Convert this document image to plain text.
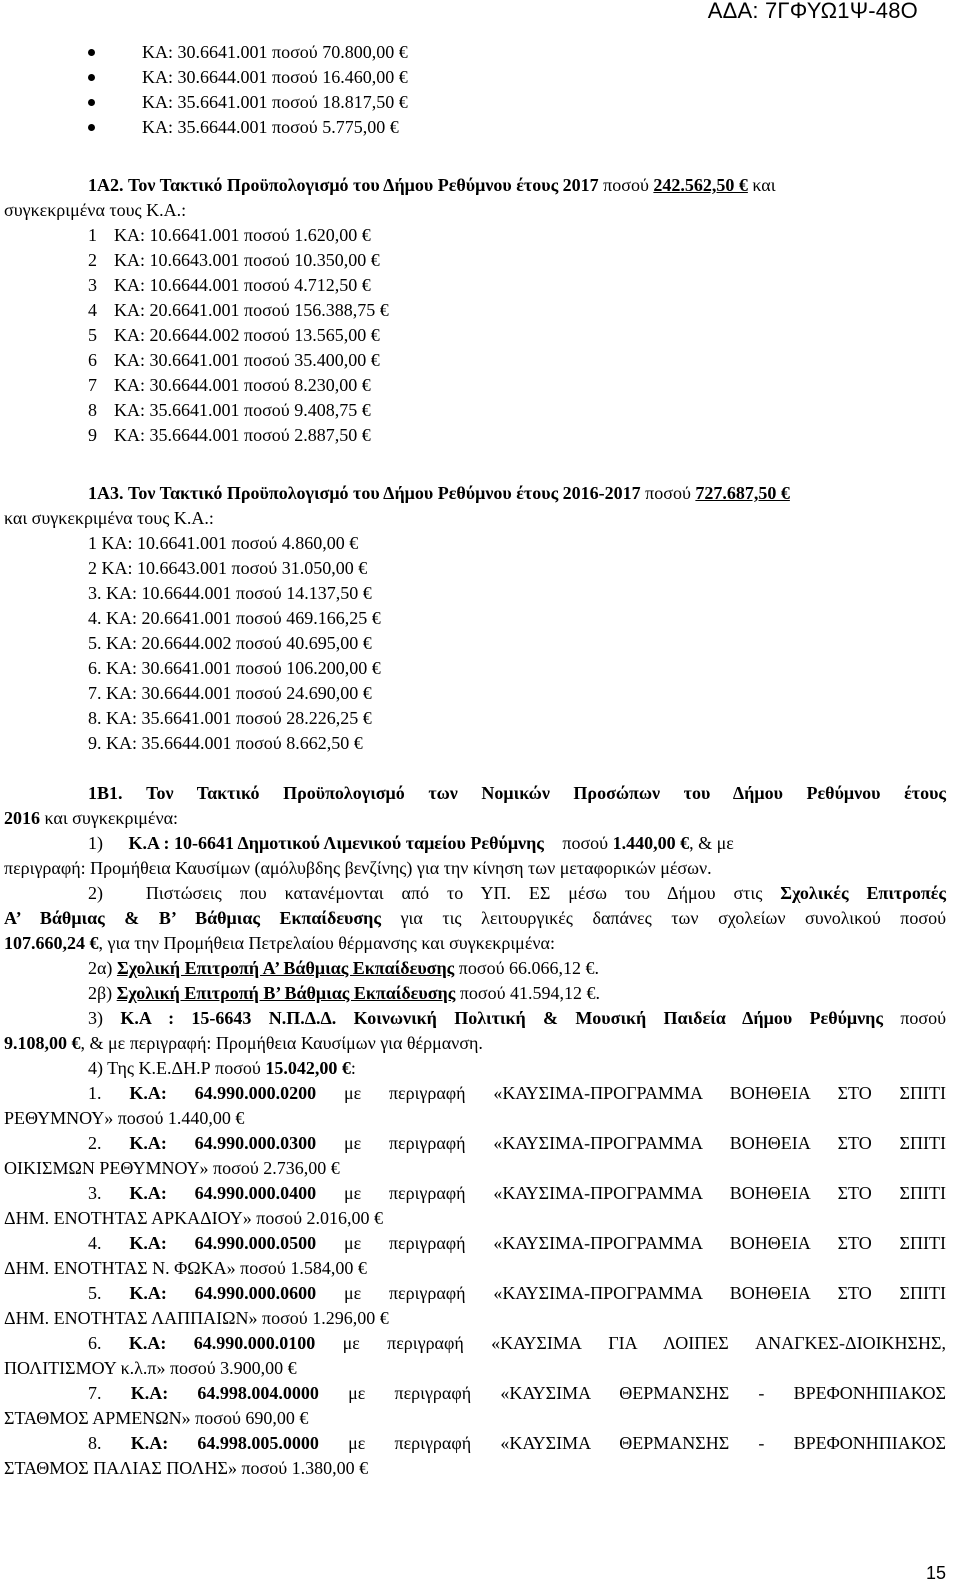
ΑΔΑ: 7ΓΦΥΩ1Ψ-48Ο
ΚΑ: 30.6641.001 ποσού 70.800,00 €
ΚΑ: 30.6644.001 ποσού 16.460,00 €
ΚΑ: 35.6641.001 ποσού 18.817,50 €
ΚΑ: 35.6644.001 ποσού 5.775,00 €
1Α2. Τον Τακτικό Προϋπολογισμό του Δήμου Ρεθύμνου έτους 2017 ποσού 242.562,50 € και
συγκεκριμένα τους Κ.Α.:
1 ΚΑ: 10.6641.001 ποσού 1.620,00 €
2 ΚΑ: 10.6643.001 ποσού 10.350,00 €
3 ΚΑ: 10.6644.001 ποσού 4.712,50 €
4 ΚΑ: 20.6641.001 ποσού 156.388,75 €
5 ΚΑ: 20.6644.002 ποσού 13.565,00 €
6 ΚΑ: 30.6641.001 ποσού 35.400,00 €
7 ΚΑ: 30.6644.001 ποσού 8.230,00 €
8 ΚΑ: 35.6641.001 ποσού 9.408,75 €
9 ΚΑ: 35.6644.001 ποσού 2.887,50 €
1Α3. Τον Τακτικό Προϋπολογισμό του Δήμου Ρεθύμνου έτους 2016-2017 ποσού 727.687,50 €
και συγκεκριμένα τους Κ.Α.:
1 ΚΑ: 10.6641.001 ποσού 4.860,00 €
2 ΚΑ: 10.6643.001 ποσού 31.050,00 €
3. ΚΑ: 10.6644.001 ποσού 14.137,50 €
4. ΚΑ: 20.6641.001 ποσού 469.166,25 €
5. ΚΑ: 20.6644.002 ποσού 40.695,00 €
6. ΚΑ: 30.6641.001 ποσού 106.200,00 €
7. ΚΑ: 30.6644.001 ποσού 24.690,00 €
8. ΚΑ: 35.6641.001 ποσού 28.226,25 €
9. ΚΑ: 35.6644.001 ποσού 8.662,50 €
1Β1. Τον Τακτικό Προϋπολογισμό των Νομικών Προσώπων του Δήμου Ρεθύμνου έτους
2016 και συγκεκριμένα:
1) Κ.Α : 10-6641 Δημοτικού Λιμενικού ταμείου Ρεθύμνης ποσού 1.440,00 €, & με
περιγραφή: Προμήθεια Καυσίμων (αμόλυβδης βενζίνης) για την κίνηση των μεταφορικών μέσων.
2) Πιστώσεις που κατανέμονται από το ΥΠ. ΕΣ μέσω του Δήμου στις Σχολικές Επιτροπές
Α’ Βάθμιας & Β’ Βάθμιας Εκπαίδευσης για τις λειτουργικές δαπάνες των σχολείων συνολικού ποσού
107.660,24 €, για την Προμήθεια Πετρελαίου θέρμανσης και συγκεκριμένα:
2α) Σχολική Επιτροπή Α’ Βάθμιας Εκπαίδευσης ποσού 66.066,12 €.
2β) Σχολική Επιτροπή Β’ Βάθμιας Εκπαίδευσης ποσού 41.594,12 €.
3) Κ.Α : 15-6643 Ν.Π.Δ.Δ. Κοινωνική Πολιτική & Μουσική Παιδεία Δήμου Ρεθύμνης ποσού
9.108,00 €, & με περιγραφή: Προμήθεια Καυσίμων για θέρμανση.
4) Της Κ.Ε.ΔΗ.Ρ ποσού 15.042,00 €:
1. Κ.Α: 64.990.000.0200 με περιγραφή «ΚΑΥΣΙΜΑ-ΠΡΟΓΡΑΜΜΑ ΒΟΗΘΕΙΑ ΣΤΟ ΣΠΙΤΙ
ΡΕΘΥΜΝΟΥ» ποσού 1.440,00 €
2. Κ.Α: 64.990.000.0300 με περιγραφή «ΚΑΥΣΙΜΑ-ΠΡΟΓΡΑΜΜΑ ΒΟΗΘΕΙΑ ΣΤΟ ΣΠΙΤΙ
ΟΙΚΙΣΜΩΝ ΡΕΘΥΜΝΟΥ» ποσού 2.736,00 €
3. Κ.Α: 64.990.000.0400 με περιγραφή «ΚΑΥΣΙΜΑ-ΠΡΟΓΡΑΜΜΑ ΒΟΗΘΕΙΑ ΣΤΟ ΣΠΙΤΙ
ΔΗΜ. ΕΝΟΤΗΤΑΣ ΑΡΚΑΔΙΟΥ» ποσού 2.016,00 €
4. Κ.Α: 64.990.000.0500 με περιγραφή «ΚΑΥΣΙΜΑ-ΠΡΟΓΡΑΜΜΑ ΒΟΗΘΕΙΑ ΣΤΟ ΣΠΙΤΙ
ΔΗΜ. ΕΝΟΤΗΤΑΣ Ν. ΦΩΚΑ» ποσού 1.584,00 €
5. Κ.Α: 64.990.000.0600 με περιγραφή «ΚΑΥΣΙΜΑ-ΠΡΟΓΡΑΜΜΑ ΒΟΗΘΕΙΑ ΣΤΟ ΣΠΙΤΙ
ΔΗΜ. ΕΝΟΤΗΤΑΣ ΛΑΠΠΑΙΩΝ» ποσού 1.296,00 €
6. Κ.Α: 64.990.000.0100 με περιγραφή «ΚΑΥΣΙΜΑ ΓΙΑ ΛΟΙΠΕΣ ΑΝΑΓΚΕΣ-ΔΙΟΙΚΗΣΗΣ,
ΠΟΛΙΤΙΣΜΟΥ κ.λ.π» ποσού 3.900,00 €
7. Κ.Α: 64.998.004.0000 με περιγραφή «ΚΑΥΣΙΜΑ ΘΕΡΜΑΝΣΗΣ - ΒΡΕΦΟΝΗΠΙΑΚΟΣ
ΣΤΑΘΜΟΣ ΑΡΜΕΝΩΝ» ποσού 690,00 €
8. Κ.Α: 64.998.005.0000 με περιγραφή «ΚΑΥΣΙΜΑ ΘΕΡΜΑΝΣΗΣ - ΒΡΕΦΟΝΗΠΙΑΚΟΣ
ΣΤΑΘΜΟΣ ΠΑΛΙΑΣ ΠΟΛΗΣ» ποσού 1.380,00 €
15
